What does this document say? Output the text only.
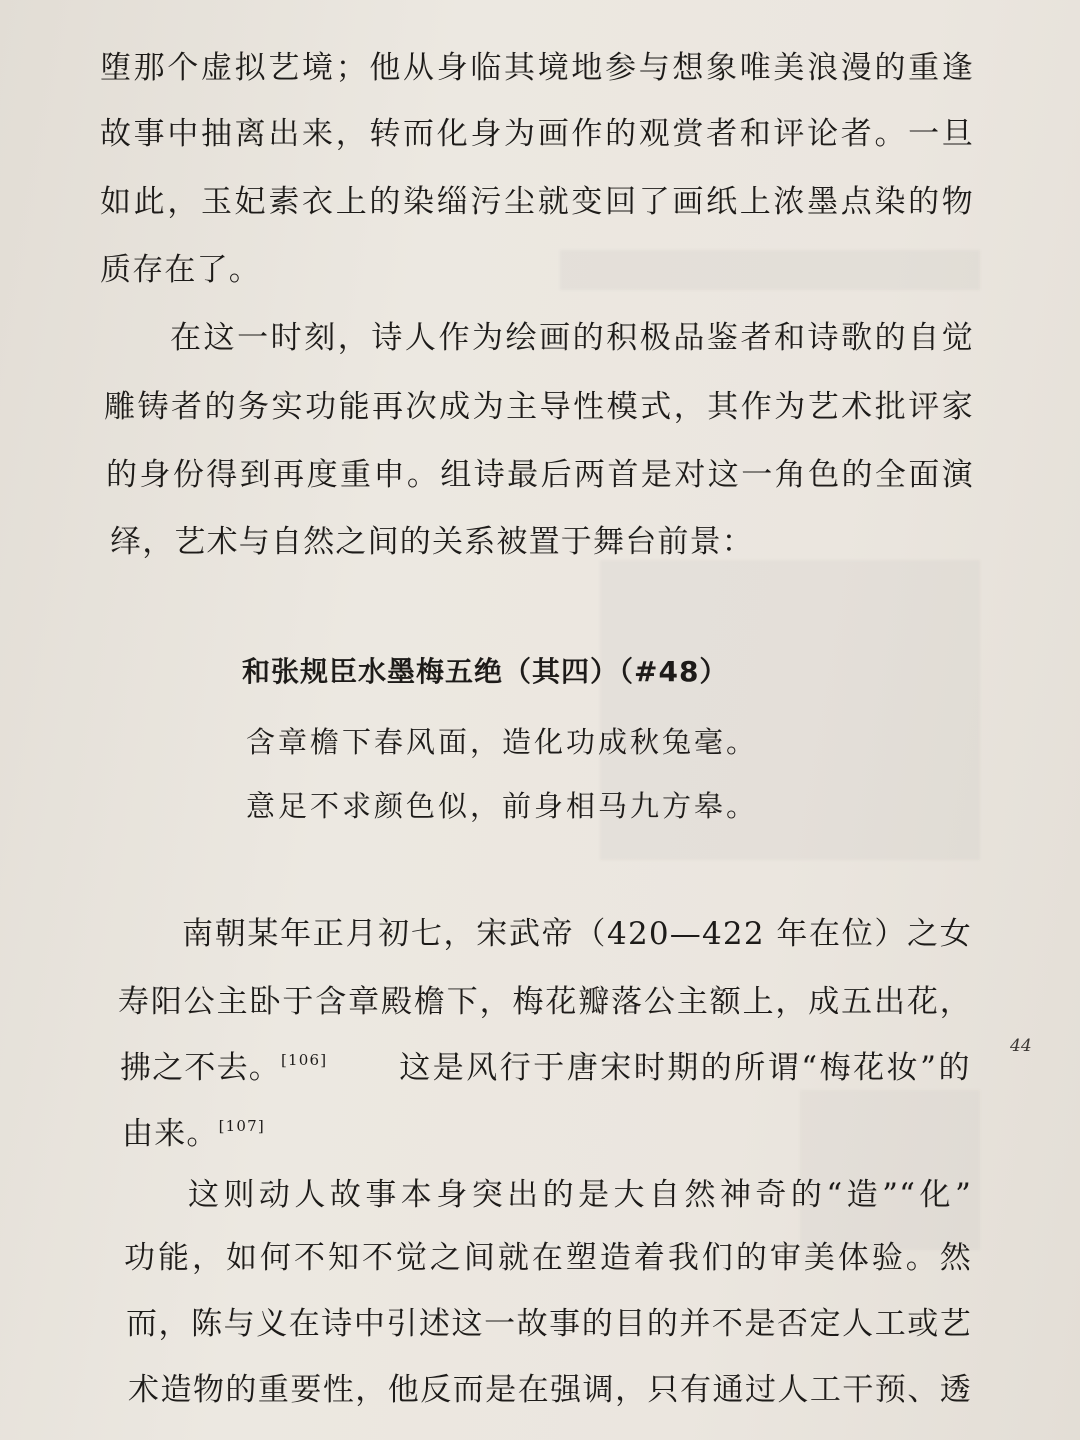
堕那个虚拟艺境；他从身临其境地参与想象唯美浪漫的重逢

故事中抽离出来，转而化身为画作的观赏者和评论者。一旦

如此，玉妃素衣上的染缁污尘就变回了画纸上浓墨点染的物

质存在了。

在这一时刻，诗人作为绘画的积极品鉴者和诗歌的自觉

雕铸者的务实功能再次成为主导性模式，其作为艺术批评家

的身份得到再度重申。组诗最后两首是对这一角色的全面演

绎，艺术与自然之间的关系被置于舞台前景：

和张规臣水墨梅五绝（其四）（#48）

含章檐下春风面，造化功成秋兔毫。

意足不求颜色似，前身相马九方皋。

南朝某年正月初七，宋武帝（420—422 年在位）之女

寿阳公主卧于含章殿檐下，梅花瓣落公主额上，成五出花，

拂之不去。[106] 这是风行于唐宋时期的所谓“梅花妆”的

由来。[107]

44

这则动人故事本身突出的是大自然神奇的“造”“化”

功能，如何不知不觉之间就在塑造着我们的审美体验。然

而，陈与义在诗中引述这一故事的目的并不是否定人工或艺

术造物的重要性，他反而是在强调，只有通过人工干预、透
